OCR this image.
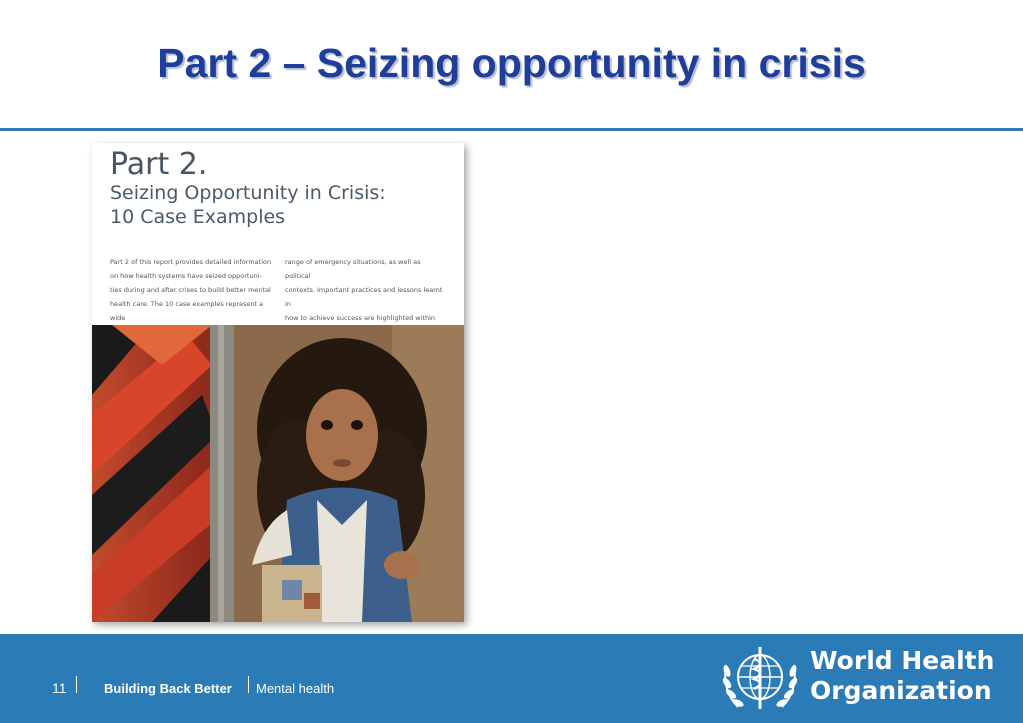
Part 2 – Seizing opportunity in crisis
Part 2.
Seizing Opportunity in Crisis:
10 Case Examples

Part 2 of this report provides detailed information
on how health systems have seized opportuni-
ties during and after crises to build better mental
health care. The 10 case examples represent a wide

range of emergency situations, as well as political
contexts. Important practices and lessons learnt in
how to achieve success are highlighted within

11	Building Back Better Mental health
World Health
Organization
